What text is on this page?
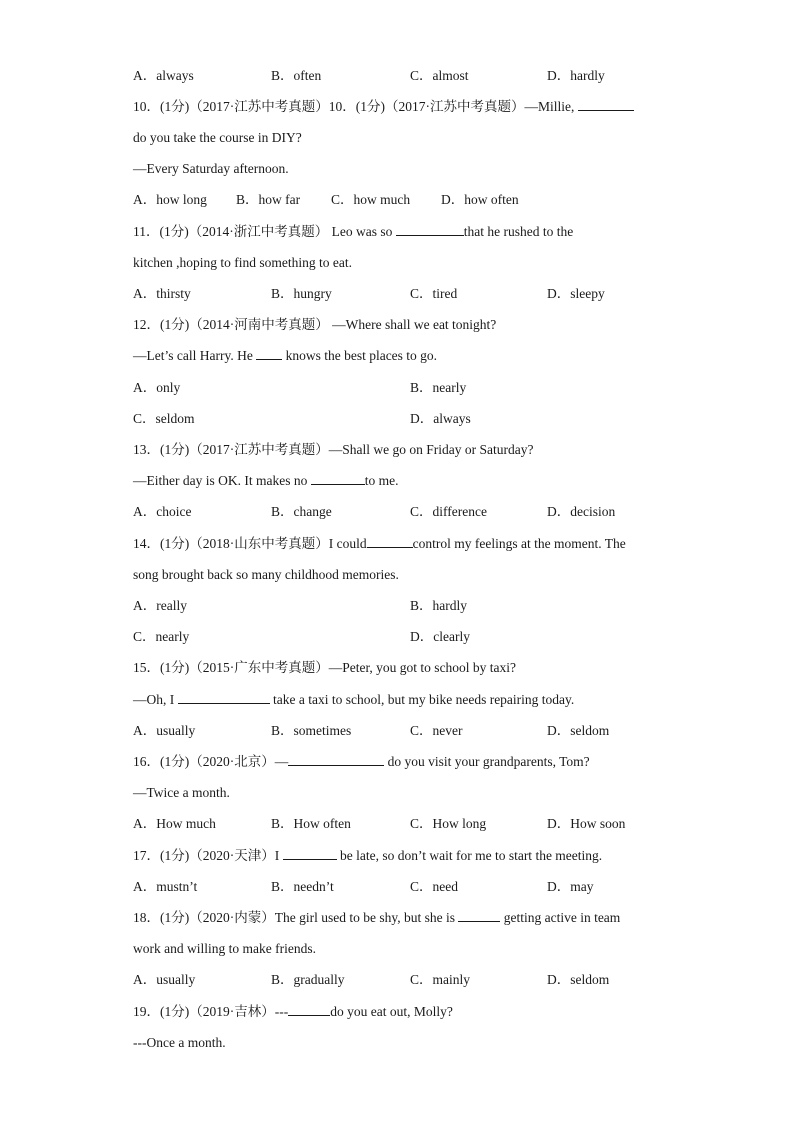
A．always	B．often	C．almost	D．hardly
10．(1分)（2017·江苏中考真题）10．(1分)（2017·江苏中考真题）—Millie,
do you take the course in DIY?
—Every Saturday afternoon.
A．how long B．how far C．how much D．how often
11．(1分)（2014·浙江中考真题） Leo was so	that he rushed to the
kitchen ,hoping to find something to eat.
A．thirsty	B．hungry	C．tired	D．sleepy
12．(1分)（2014·河南中考真题） —Where shall we eat tonight?
—Let’s call Harry. He knows the best places to go.
A．only	B．nearly
C．seldom	D．always
13．(1分)（2017·江苏中考真题）—Shall we go on Friday or Saturday?
—Either day is OK. It makes no	to me.
A．choice	B．change	C．difference	D．decision
14．(1分)（2018·山东中考真题）I could	control my feelings at the moment. The
song brought back so many childhood memories.
A．really	B．hardly
C．nearly	D．clearly
15．(1分)（2015·广东中考真题）—Peter, you got to school by taxi?
—Oh, I	take a taxi to school, but my bike needs repairing today.
A．usually	B．sometimes	C．never	D．seldom
16．(1分)（2020·北京）—	do you visit your grandparents, Tom?
—Twice a month.
A．How much	B．How often	C．How long	D．How soon
17．(1分)（2020·天津）I	be late, so don’t wait for me to start the meeting.
A．mustn’t	B．needn’t	C．need	D．may
18．(1分)（2020·内蒙）The girl used to be shy, but she is	getting active in team
work and willing to make friends.
A．usually	B．gradually	C．mainly	D．seldom
19．(1分)（2019·吉林）---	do you eat out, Molly?
---Once a month.
